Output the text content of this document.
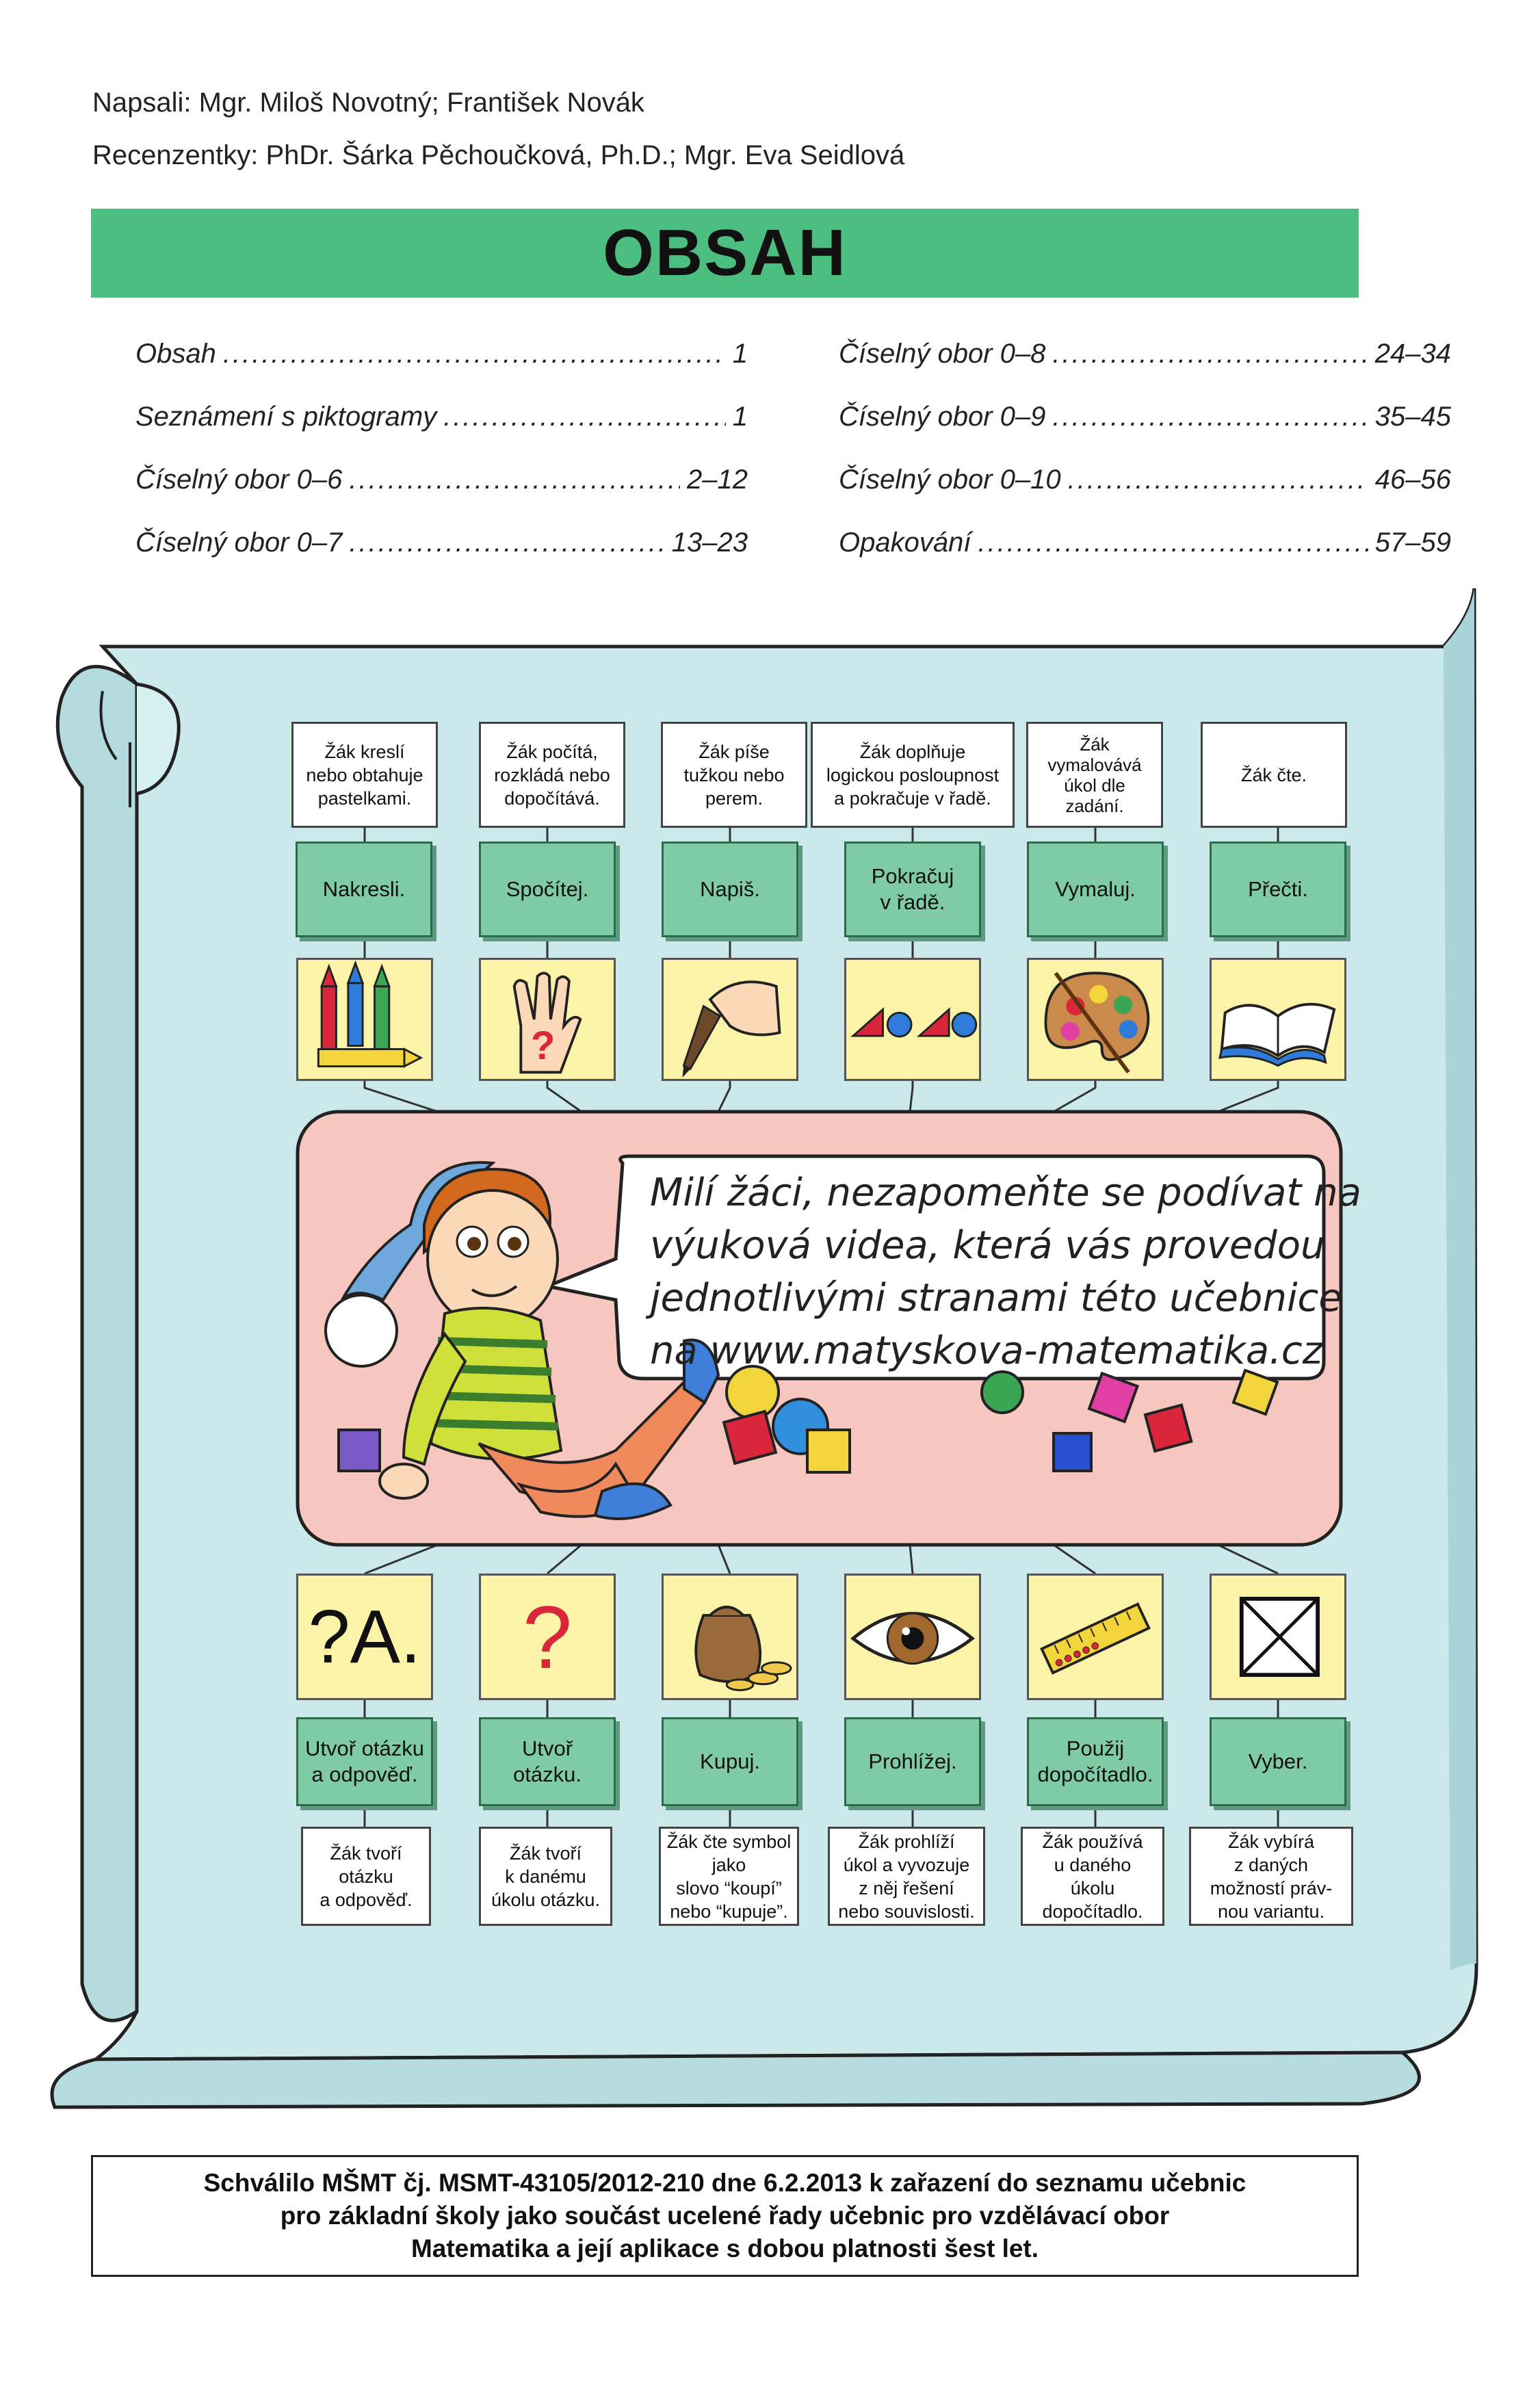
Napsali: Mgr. Miloš Novotný; František Novák
Recenzentky: PhDr. Šárka Pěchoučková, Ph.D.; Mgr. Eva Seidlová
OBSAH
Obsah .....	1
Seznámení s piktogramy .....	1
Číselný obor 0–6 .....	2–12
Číselný obor 0–7 .....	13–23
Číselný obor 0–8 .....	24–34
Číselný obor 0–9 .....	35–45
Číselný obor 0–10 .....	46–56
Opakování .....	57–59
Žák kreslí
nebo obtahuje
pastelkami.
Žák počítá,
rozkládá nebo
dopočítává.
Žák píše
tužkou nebo
perem.
Žák doplňuje
logickou posloupnost
a pokračuje v řadě.
Žák
vymalovává
úkol dle
zadání.
Žák čte.
Nakresli.	Spočítej.	Napiš.
Pokračuj
v řadě.
Vymaluj.	Přečti.
?
Milí žáci, nezapomeňte se podívat na
výuková videa, která vás provedou
jednotlivými stranami této učebnice
na www.matyskova-matematika.cz
?A. ?
Utvoř otázku
a odpověď.
Utvoř
otázku.
Kupuj.	Prohlížej.
Použij
dopočítadlo.
Vyber.
Žák tvoří
otázku
a odpověď.
Žák tvoří
k danému
úkolu otázku.
Žák čte symbol
jako
slovo “koupí”
nebo “kupuje”.
Žák prohlíží
úkol a vyvozuje
z něj řešení
nebo souvislosti.
Žák používá
u daného
úkolu
dopočítadlo.
Žák vybírá
z daných
možností práv-
nou variantu.
Schválilo MŠMT čj. MSMT-43105/2012-210 dne 6.2.2013 k zařazení do seznamu učebnic
pro základní školy jako součást ucelené řady učebnic pro vzdělávací obor
Matematika a její aplikace s dobou platnosti šest let.
